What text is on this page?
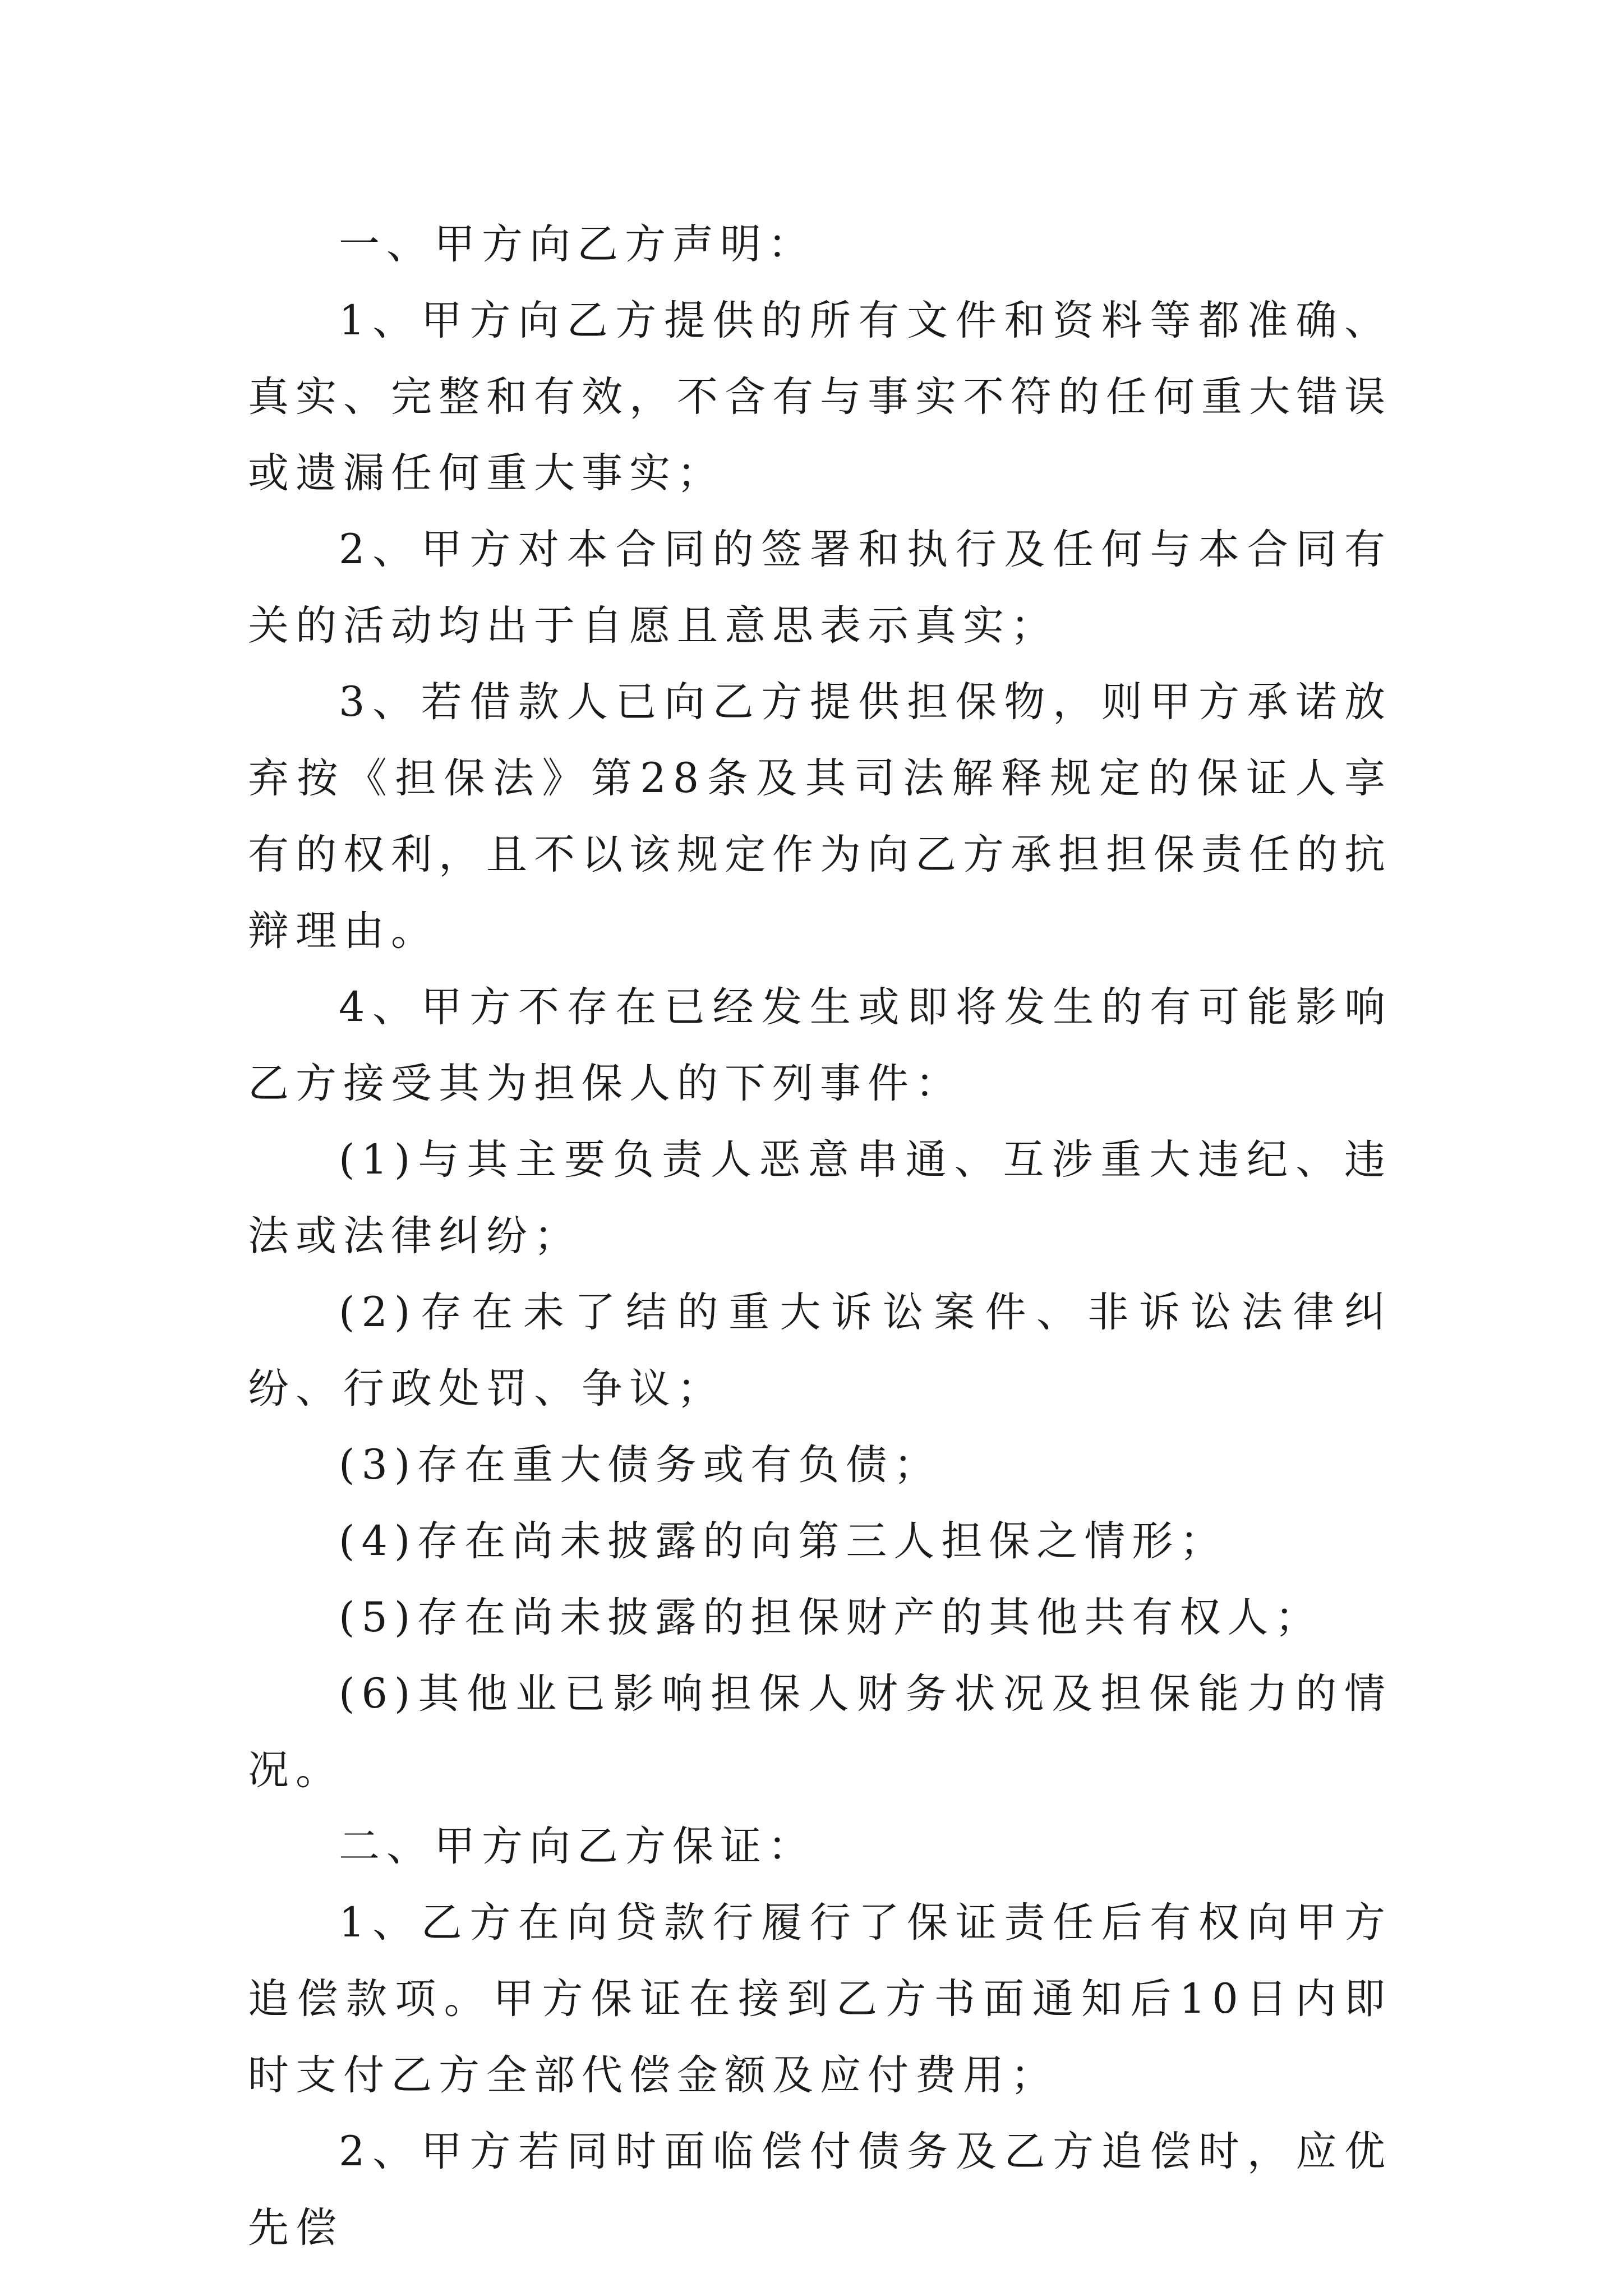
一、甲方向乙方声明：

1、甲方向乙方提供的所有文件和资料等都准确、真实、完整和有效，不含有与事实不符的任何重大错误或遗漏任何重大事实；

2、甲方对本合同的签署和执行及任何与本合同有关的活动均出于自愿且意思表示真实；

3、若借款人已向乙方提供担保物，则甲方承诺放弃按《担保法》第28条及其司法解释规定的保证人享有的权利，且不以该规定作为向乙方承担担保责任的抗辩理由。

4、甲方不存在已经发生或即将发生的有可能影响乙方接受其为担保人的下列事件：

(1)与其主要负责人恶意串通、互涉重大违纪、违法或法律纠纷；

(2)存在未了结的重大诉讼案件、非诉讼法律纠纷、行政处罚、争议；

(3)存在重大债务或有负债；

(4)存在尚未披露的向第三人担保之情形；

(5)存在尚未披露的担保财产的其他共有权人；

(6)其他业已影响担保人财务状况及担保能力的情况。

二、甲方向乙方保证：

1、乙方在向贷款行履行了保证责任后有权向甲方追偿款项。甲方保证在接到乙方书面通知后10日内即时支付乙方全部代偿金额及应付费用；

2、甲方若同时面临偿付债务及乙方追偿时，应优先偿
